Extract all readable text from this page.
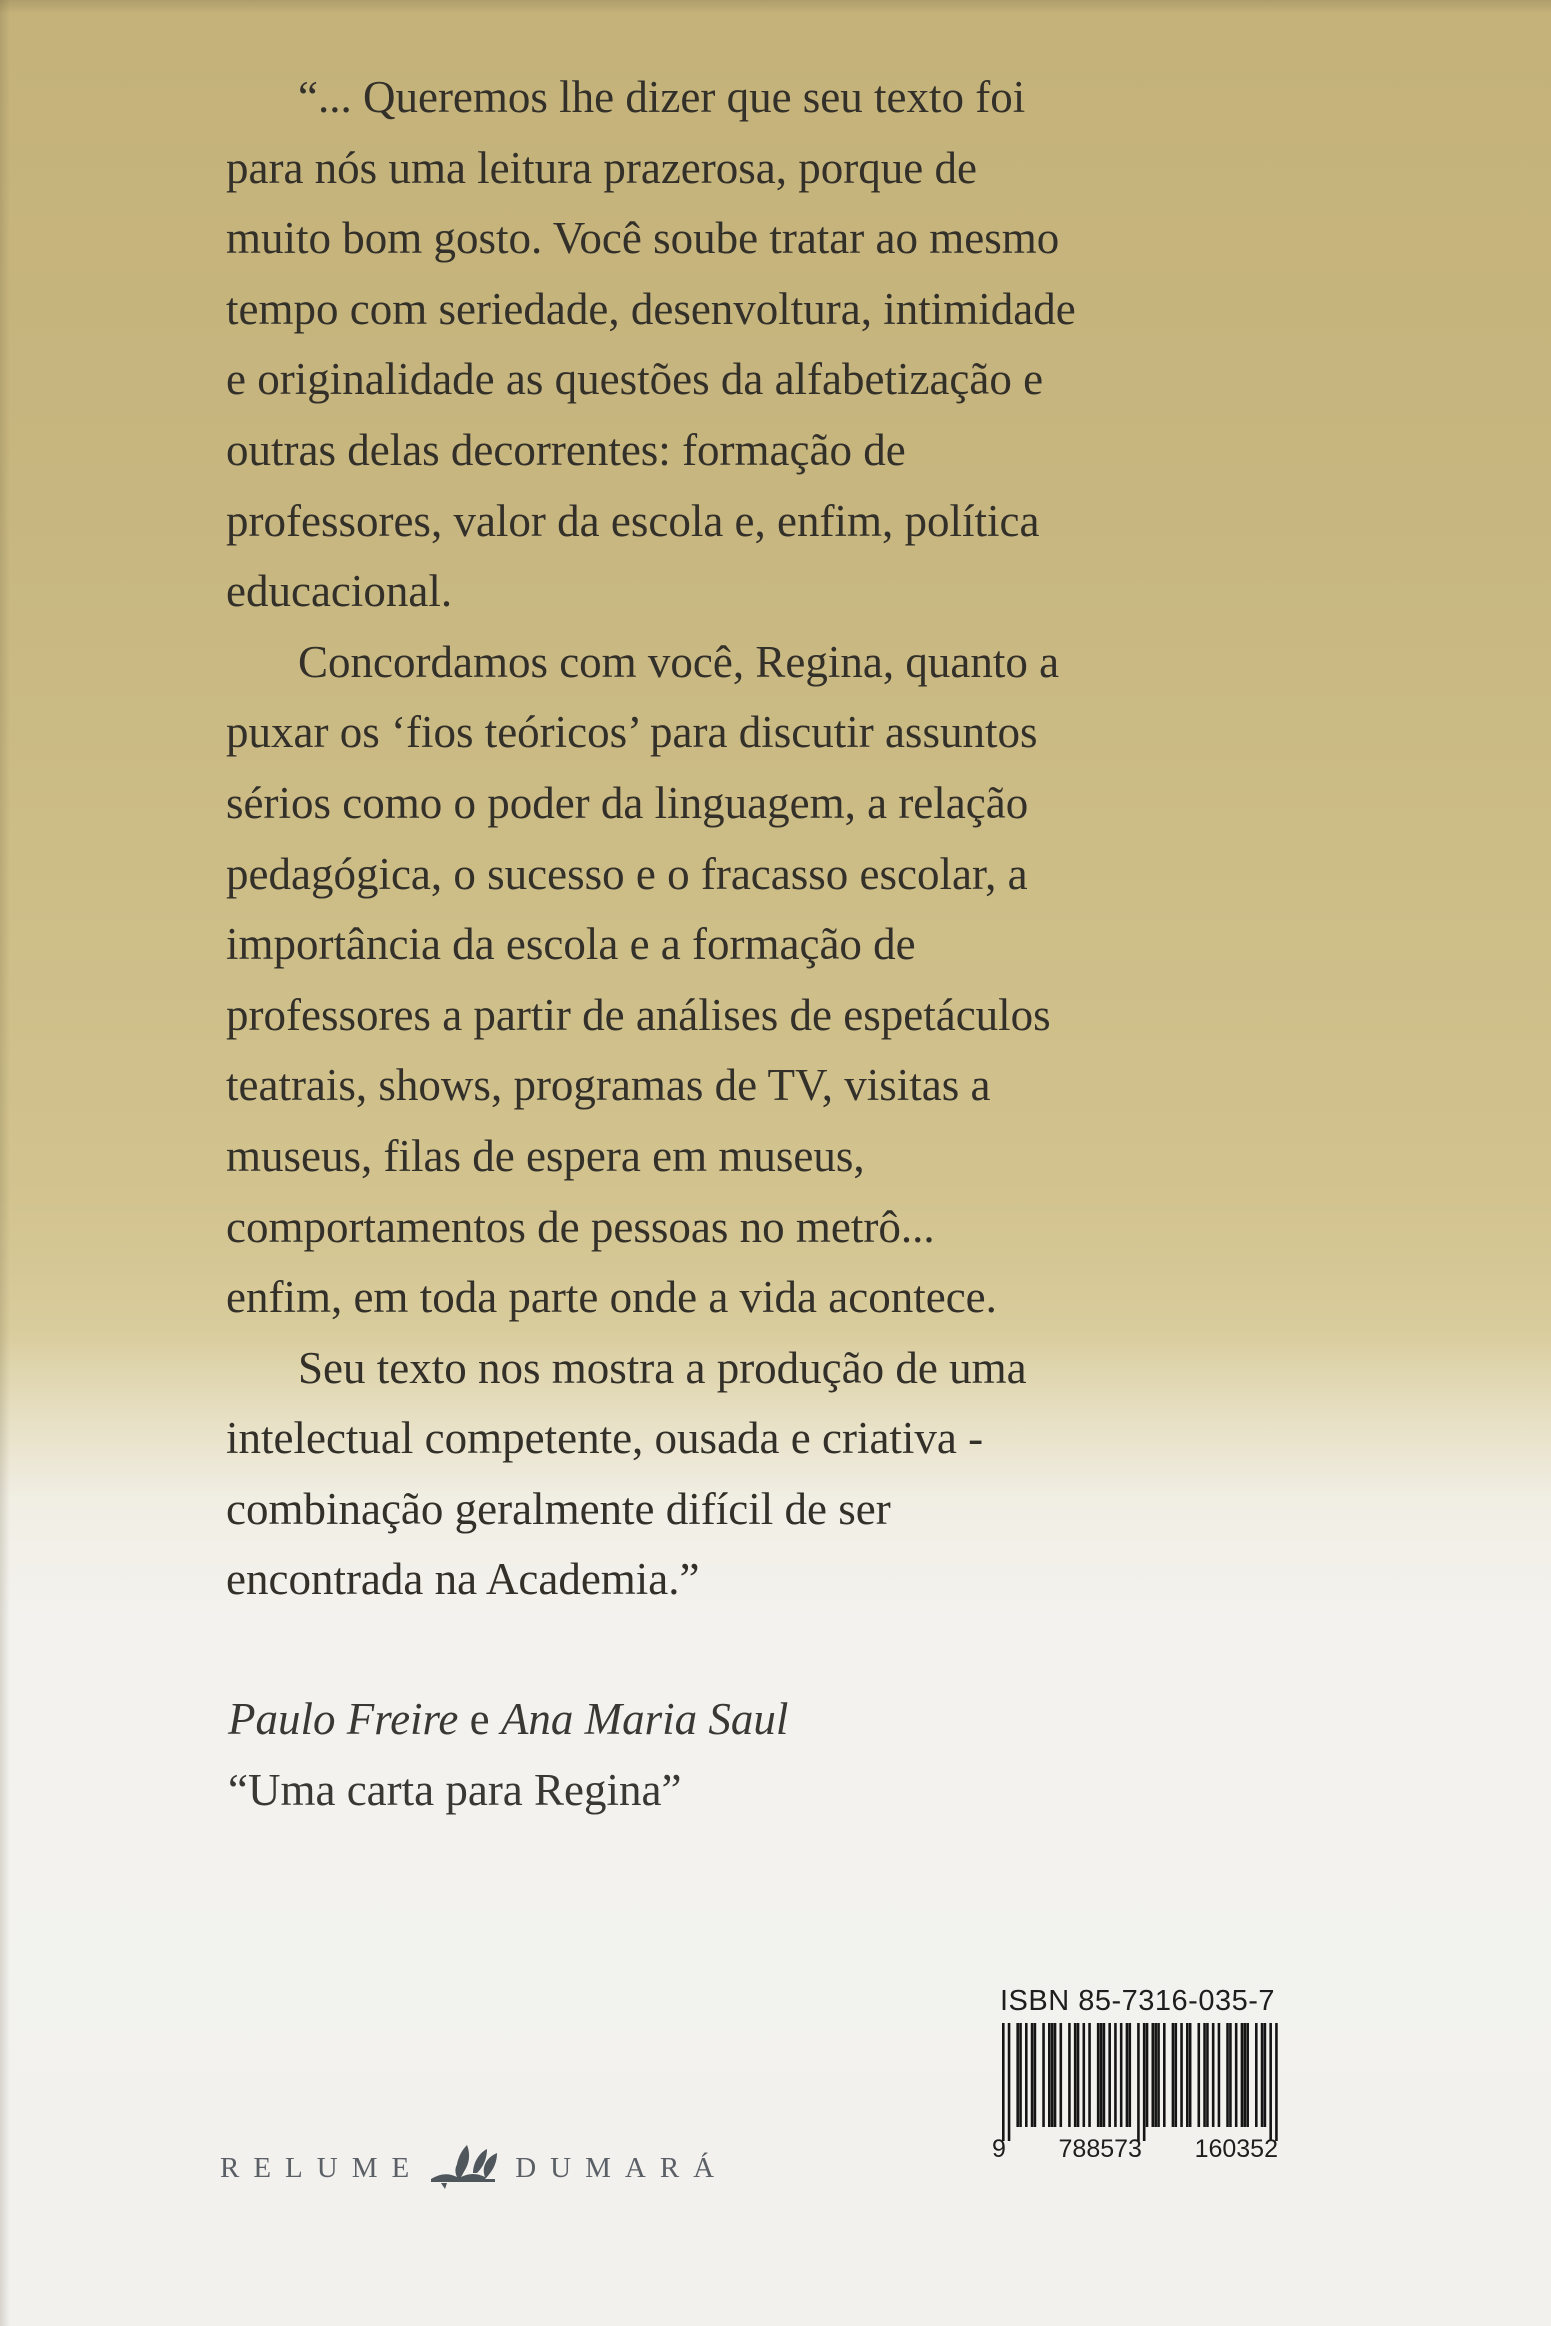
“... Queremos lhe dizer que seu texto foi
para nós uma leitura prazerosa, porque de
muito bom gosto. Você soube tratar ao mesmo
tempo com seriedade, desenvoltura, intimidade
e originalidade as questões da alfabetização e
outras delas decorrentes: formação de
professores, valor da escola e, enfim, política
educacional.

Concordamos com você, Regina, quanto a
puxar os ‘fios teóricos’ para discutir assuntos
sérios como o poder da linguagem, a relação
pedagógica, o sucesso e o fracasso escolar, a
importância da escola e a formação de
professores a partir de análises de espetáculos
teatrais, shows, programas de TV, visitas a
museus, filas de espera em museus,
comportamentos de pessoas no metrô...
enfim, em toda parte onde a vida acontece.

Seu texto nos mostra a produção de uma
intelectual competente, ousada e criativa -
combinação geralmente difícil de ser
encontrada na Academia.”

Paulo Freire e Ana Maria Saul
“Uma carta para Regina”
RELUME	DUMARÁ
ISBN 85-7316-035-7
9 788573 160352
